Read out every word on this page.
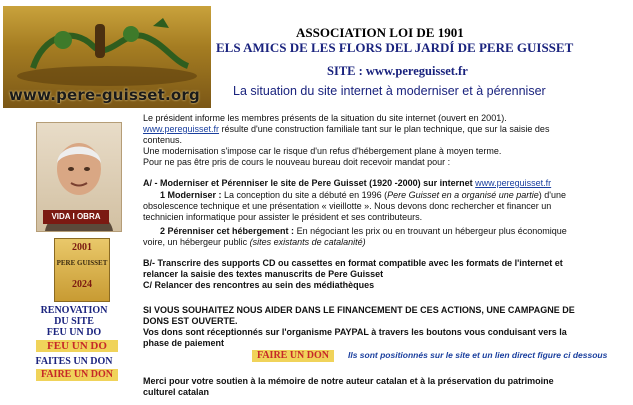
www.pere-guisset.org
ASSOCIATION LOI DE 1901
ELS AMICS DE LES FLORS DEL JARDÍ DE PERE GUISSET
SITE : www.pereguisset.fr
La situation du site internet à moderniser et à pérenniser
VIDA I OBRA
2001
PERE GUISSET
2024
RENOVATION
DU SITE
FEU UN DO
FEU UN DO
FAITES UN DON
FAIRE UN DON
Le président informe les membres présents de la situation du site internet (ouvert en 2001).
www.pereguisset.fr résulte d'une construction familiale tant sur le plan technique, que sur la saisie des
contenus.
Une modernisation s'impose car le risque d'un refus d'hébergement plane à moyen terme.
Pour ne pas être pris de cours le nouveau bureau doit recevoir mandat pour :
A/ - Moderniser et Pérenniser le site de Pere Guisset (1920 -2000) sur internet www.pereguisset.fr
1 Moderniser : La conception du site a débuté en 1996 (Pere Guisset en a organisé une partie) d'une
obsolescence technique et une présentation « vieillotte ». Nous devons donc rechercher et financer un
technicien informatique pour assister le président et ses contributeurs.
2 Pérenniser cet hébergement : En négociant les prix ou en trouvant un hébergeur plus économique
voire, un hébergeur public (sites existants de catalanité)
B/- Transcrire des supports CD ou cassettes en format compatible avec les formats de l'internet et
relancer la saisie des textes manuscrits de Pere Guisset
C/ Relancer des rencontres au sein des médiathèques
SI VOUS SOUHAITEZ NOUS AIDER DANS LE FINANCEMENT DE CES ACTIONS, UNE CAMPAGNE DE
DONS EST OUVERTE.
Vos dons sont réceptionnés sur l'organisme PAYPAL à travers les boutons vous conduisant vers la
phase de paiement
FAIRE UN DON	Ils sont positionnés sur le site et un lien direct figure ci dessous
Merci pour votre soutien à la mémoire de notre auteur catalan et à la préservation du patrimoine
culturel catalan
